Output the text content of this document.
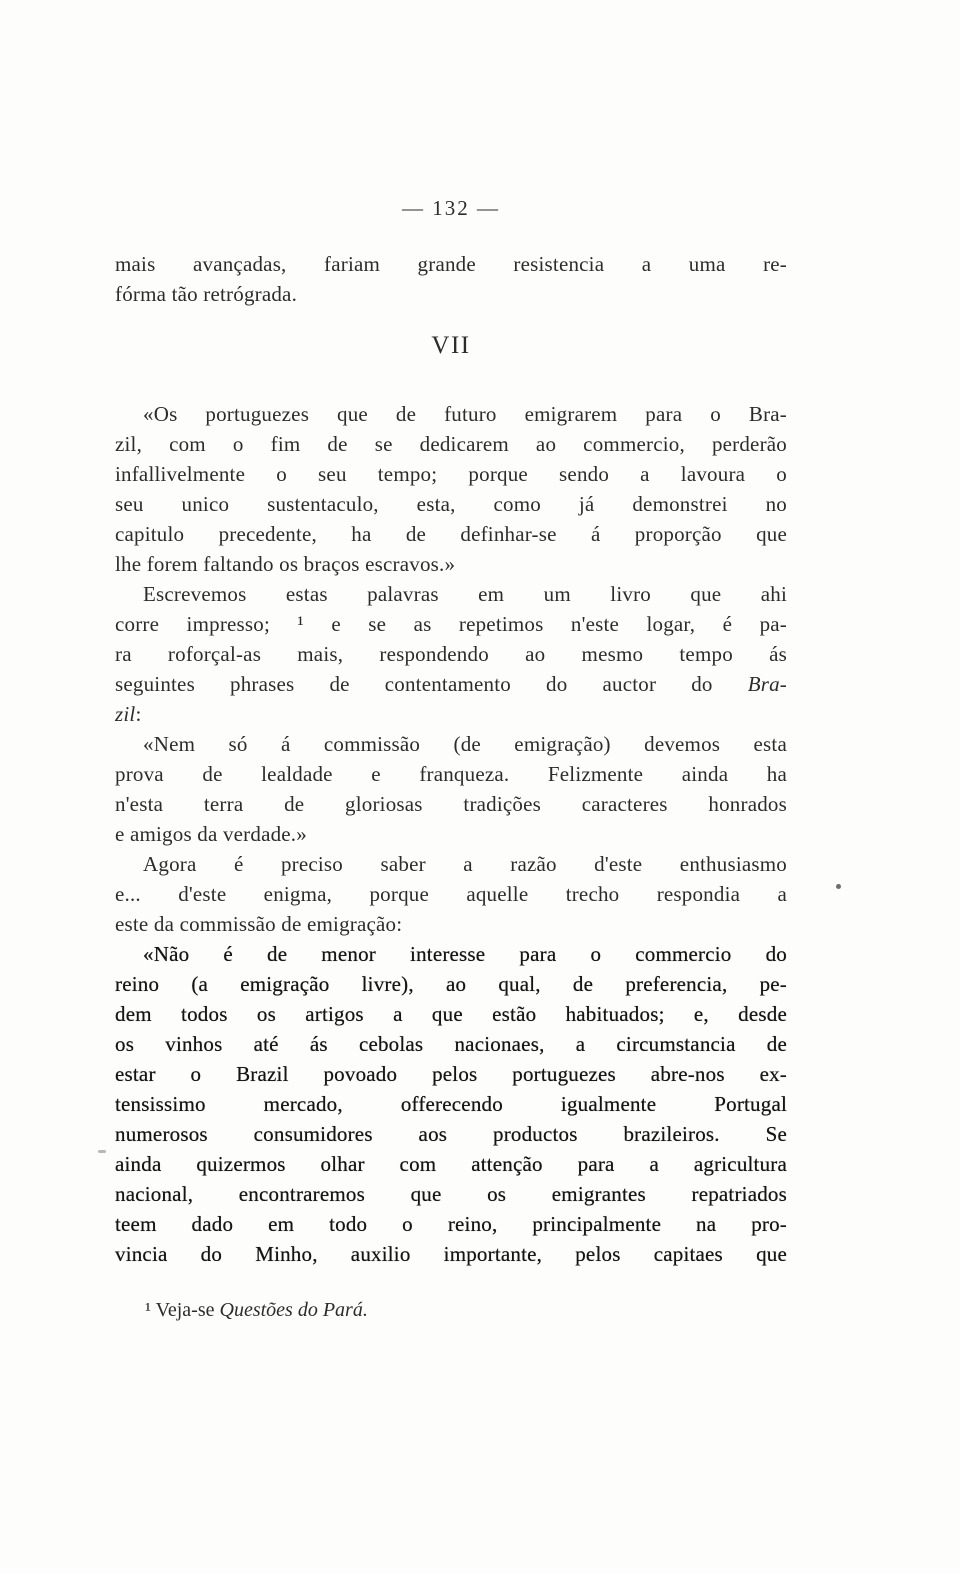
— 132 —
mais avançadas, fariam grande resistencia a uma re-
fórma tão retrógrada.
VII
«Os portuguezes que de futuro emigrarem para o Bra-
zil, com o fim de se dedicarem ao commercio, perderão
infallivelmente o seu tempo; porque sendo a lavoura o
seu unico sustentaculo, esta, como já demonstrei no
capitulo precedente, ha de definhar-se á proporção que
lhe forem faltando os braços escravos.»
Escrevemos estas palavras em um livro que ahi
corre impresso; ¹ e se as repetimos n'este logar, é pa-
ra roforçal-as mais, respondendo ao mesmo tempo ás
seguintes phrases de contentamento do auctor do Bra-
zil:
«Nem só á commissão (de emigração) devemos esta
prova de lealdade e franqueza. Felizmente ainda ha
n'esta terra de gloriosas tradições caracteres honrados
e amigos da verdade.»
Agora é preciso saber a razão d'este enthusiasmo
e... d'este enigma, porque aquelle trecho respondia a
este da commissão de emigração:
«Não é de menor interesse para o commercio do
reino (a emigração livre), ao qual, de preferencia, pe-
dem todos os artigos a que estão habituados; e, desde
os vinhos até ás cebolas nacionaes, a circumstancia de
estar o Brazil povoado pelos portuguezes abre-nos ex-
tensissimo mercado, offerecendo igualmente Portugal
numerosos consumidores aos productos brazileiros. Se
ainda quizermos olhar com attenção para a agricultura
nacional, encontraremos que os emigrantes repatriados
teem dado em todo o reino, principalmente na pro-
vincia do Minho, auxilio importante, pelos capitaes que
¹ Veja-se Questões do Pará.
